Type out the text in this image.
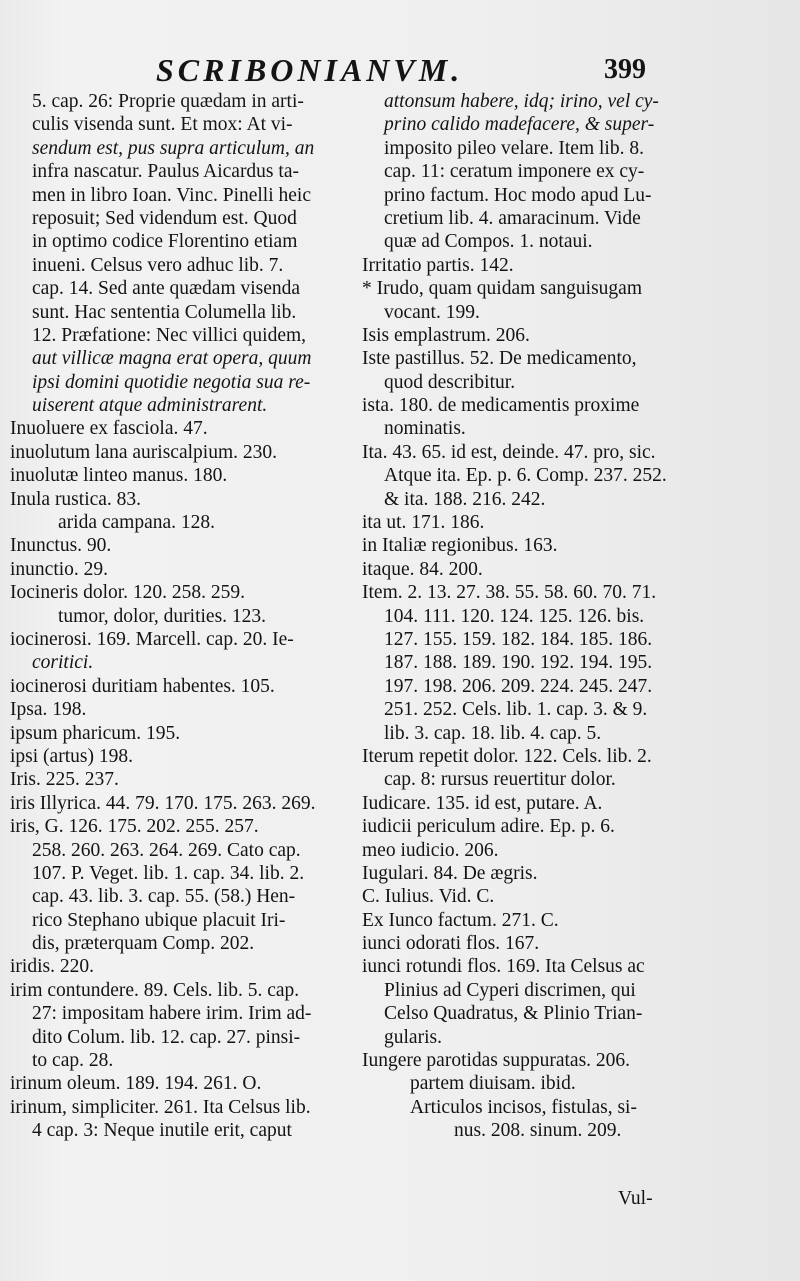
SCRIBONIANVM.	399
5. cap. 26: Proprie quædam in arti-
culis visenda sunt. Et mox: At vi-
sendum est, pus supra articulum, an
infra nascatur. Paulus Aicardus ta-
men in libro Ioan. Vinc. Pinelli heic
reposuit; Sed videndum est. Quod
in optimo codice Florentino etiam
inueni. Celsus vero adhuc lib. 7.
cap. 14. Sed ante quædam visenda
sunt. Hac sententia Columella lib.
12. Præfatione: Nec villici quidem,
aut villicæ magna erat opera, quum
ipsi domini quotidie negotia sua re-
uiserent atque administrarent.
Inuoluere ex fasciola. 47.
inuolutum lana auriscalpium. 230.
inuolutæ linteo manus. 180.
Inula rustica. 83.
arida campana. 128.
Inunctus. 90.
inunctio. 29.
Iocineris dolor. 120. 258. 259.
tumor, dolor, durities. 123.
iocinerosi. 169. Marcell. cap. 20. Ie-
coritici.
iocinerosi duritiam habentes. 105.
Ipsa. 198.
ipsum pharicum. 195.
ipsi (artus) 198.
Iris. 225. 237.
iris Illyrica. 44. 79. 170. 175. 263. 269.
iris, G. 126. 175. 202. 255. 257.
258. 260. 263. 264. 269. Cato cap.
107. P. Veget. lib. 1. cap. 34. lib. 2.
cap. 43. lib. 3. cap. 55. (58.) Hen-
rico Stephano ubique placuit Iri-
dis, præterquam Comp. 202.
iridis. 220.
irim contundere. 89. Cels. lib. 5. cap.
27: impositam habere irim. Irim ad-
dito Colum. lib. 12. cap. 27. pinsi-
to cap. 28.
irinum oleum. 189. 194. 261. O.
irinum, simpliciter. 261. Ita Celsus lib.
4 cap. 3: Neque inutile erit, caput
attonsum habere, idq; irino, vel cy-
prino calido madefacere, & super-
imposito pileo velare. Item lib. 8.
cap. 11: ceratum imponere ex cy-
prino factum. Hoc modo apud Lu-
cretium lib. 4. amaracinum. Vide
quæ ad Compos. 1. notaui.
Irritatio partis. 142.
* Irudo, quam quidam sanguisugam
vocant. 199.
Isis emplastrum. 206.
Iste pastillus. 52. De medicamento,
quod describitur.
ista. 180. de medicamentis proxime
nominatis.
Ita. 43. 65. id est, deinde. 47. pro, sic.
Atque ita. Ep. p. 6. Comp. 237. 252.
& ita. 188. 216. 242.
ita ut. 171. 186.
in Italiæ regionibus. 163.
itaque. 84. 200.
Item. 2. 13. 27. 38. 55. 58. 60. 70. 71.
104. 111. 120. 124. 125. 126. bis.
127. 155. 159. 182. 184. 185. 186.
187. 188. 189. 190. 192. 194. 195.
197. 198. 206. 209. 224. 245. 247.
251. 252. Cels. lib. 1. cap. 3. & 9.
lib. 3. cap. 18. lib. 4. cap. 5.
Iterum repetit dolor. 122. Cels. lib. 2.
cap. 8: rursus reuertitur dolor.
Iudicare. 135. id est, putare. A.
iudicii periculum adire. Ep. p. 6.
meo iudicio. 206.
Iugulari. 84. De ægris.
C. Iulius. Vid. C.
Ex Iunco factum. 271. C.
iunci odorati flos. 167.
iunci rotundi flos. 169. Ita Celsus ac
Plinius ad Cyperi discrimen, qui
Celso Quadratus, & Plinio Trian-
gularis.
Iungere parotidas suppuratas. 206.
partem diuisam. ibid.
Articulos incisos, fistulas, si-
nus. 208. sinum. 209.
Vul-
